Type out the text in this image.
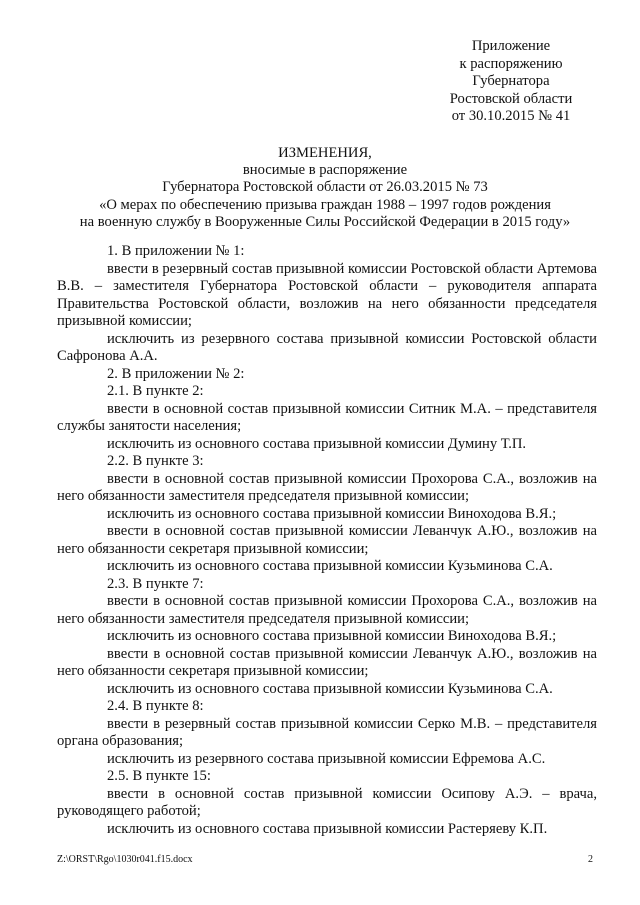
Приложение
к распоряжению
Губернатора
Ростовской области
от 30.10.2015 № 41
ИЗМЕНЕНИЯ,
вносимые в распоряжение
Губернатора Ростовской области от 26.03.2015 № 73
«О мерах по обеспечению призыва граждан 1988 – 1997 годов рождения
на военную службу в Вооруженные Силы Российской Федерации в 2015 году»

1. В приложении № 1:

ввести в резервный состав призывной комиссии Ростовской области Артемова В.В. – заместителя Губернатора Ростовской области – руководителя аппарата Правительства Ростовской области, возложив на него обязанности председателя призывной комиссии;

исключить из резервного состава призывной комиссии Ростовской области Сафронова А.А.

2. В приложении № 2:

2.1. В пункте 2:

ввести в основной состав призывной комиссии Ситник М.А. – представителя службы занятости населения;

исключить из основного состава призывной комиссии Думину Т.П.

2.2. В пункте 3:

ввести в основной состав призывной комиссии Прохорова С.А., возложив на него обязанности заместителя председателя призывной комиссии;

исключить из основного состава призывной комиссии Виноходова В.Я.;

ввести в основной состав призывной комиссии Леванчук А.Ю., возложив на него обязанности секретаря призывной комиссии;

исключить из основного состава призывной комиссии Кузьминова С.А.

2.3. В пункте 7:

ввести в основной состав призывной комиссии Прохорова С.А., возложив на него обязанности заместителя председателя призывной комиссии;

исключить из основного состава призывной комиссии Виноходова В.Я.;

ввести в основной состав призывной комиссии Леванчук А.Ю., возложив на него обязанности секретаря призывной комиссии;

исключить из основного состава призывной комиссии Кузьминова С.А.

2.4. В пункте 8:

ввести в резервный состав призывной комиссии Серко М.В. – представителя органа образования;

исключить из резервного состава призывной комиссии Ефремова А.С.

2.5. В пункте 15:

ввести в основной состав призывной комиссии Осипову А.Э. – врача, руководящего работой;

исключить из основного состава призывной комиссии Растеряеву К.П.

Z:\ORST\Rgo\1030r041.f15.docx	2
